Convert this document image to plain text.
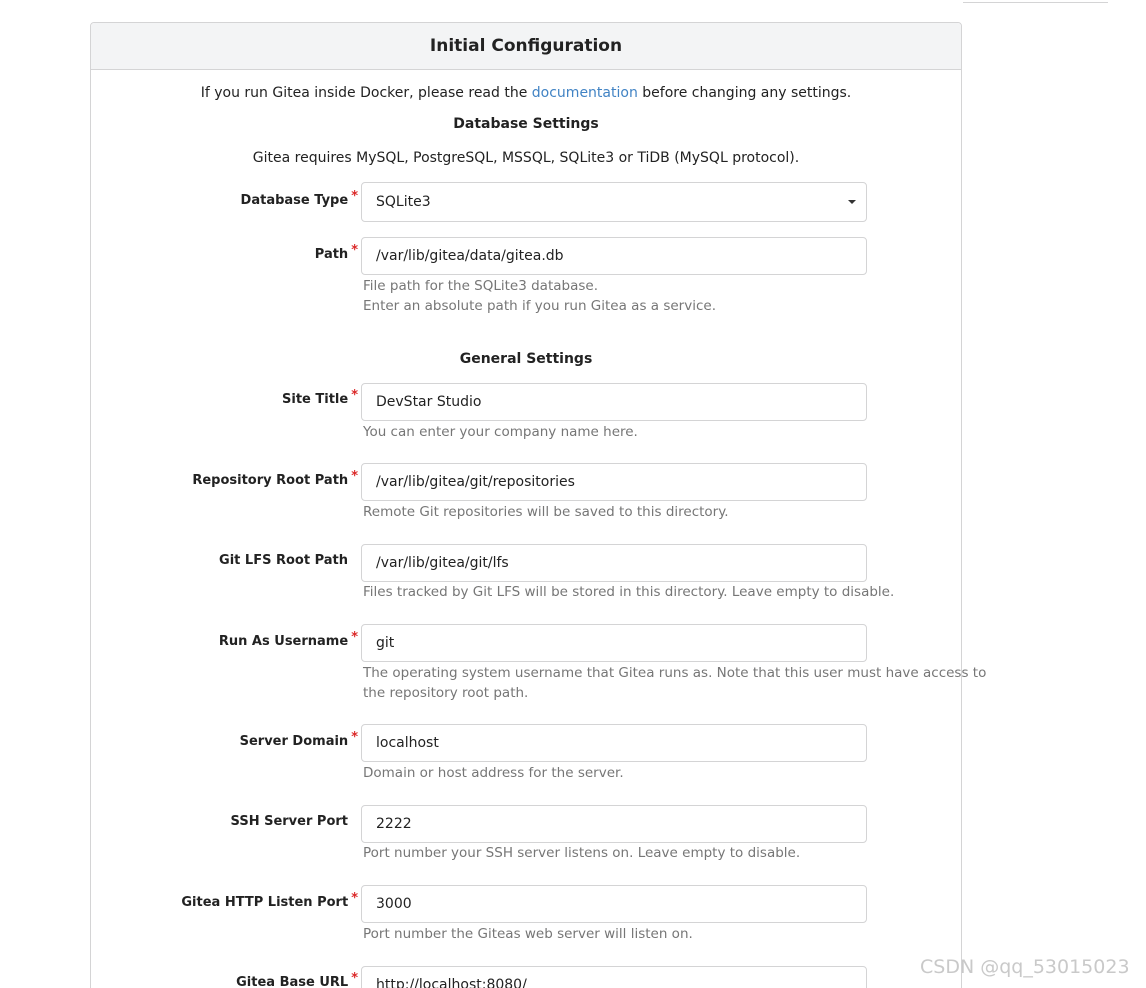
Initial Configuration
If you run Gitea inside Docker, please read the documentation before changing any settings.
Database Settings
Gitea requires MySQL, PostgreSQL, MSSQL, SQLite3 or TiDB (MySQL protocol).
Database Type *	SQLite3
Path *
/var/lib/gitea/data/gitea.db
File path for the SQLite3 database.
Enter an absolute path if you run Gitea as a service.
General Settings
Site Title *
DevStar Studio
You can enter your company name here.
Repository Root Path *
/var/lib/gitea/git/repositories
Remote Git repositories will be saved to this directory.
Git LFS Root Path
/var/lib/gitea/git/lfs
Files tracked by Git LFS will be stored in this directory. Leave empty to disable.
Run As Username *
git
The operating system username that Gitea runs as. Note that this user must have access to
the repository root path.
Server Domain *
localhost
Domain or host address for the server.
SSH Server Port
2222
Port number your SSH server listens on. Leave empty to disable.
Gitea HTTP Listen Port *
3000
Port number the Giteas web server will listen on.
Gitea Base URL *
http://localhost:8080/
CSDN @qq_53015023
